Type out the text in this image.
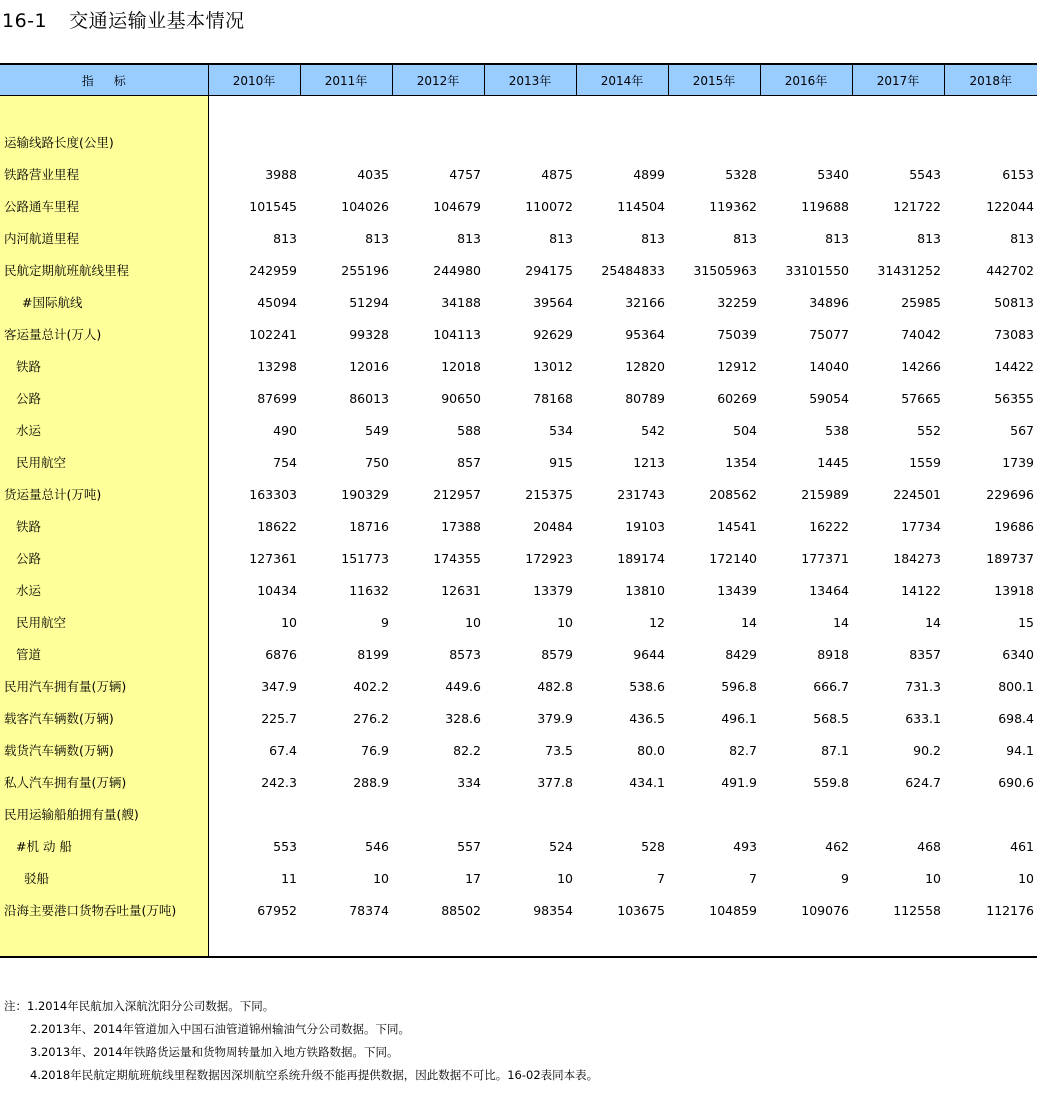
16-1 交通运输业基本情况
指标	2010年	2011年	2012年	2013年	2014年	2015年	2016年	2017年	2018年

运输线路长度(公里)									
铁路营业里程	3988	4035	4757	4875	4899	5328	5340	5543	6153
公路通车里程	101545	104026	104679	110072	114504	119362	119688	121722	122044
内河航道里程	813	813	813	813	813	813	813	813	813
民航定期航班航线里程	242959	255196	244980	294175	25484833	31505963	33101550	31431252	442702
#国际航线	45094	51294	34188	39564	32166	32259	34896	25985	50813
客运量总计(万人)	102241	99328	104113	92629	95364	75039	75077	74042	73083
铁路	13298	12016	12018	13012	12820	12912	14040	14266	14422
公路	87699	86013	90650	78168	80789	60269	59054	57665	56355
水运	490	549	588	534	542	504	538	552	567
民用航空	754	750	857	915	1213	1354	1445	1559	1739
货运量总计(万吨)	163303	190329	212957	215375	231743	208562	215989	224501	229696
铁路	18622	18716	17388	20484	19103	14541	16222	17734	19686
公路	127361	151773	174355	172923	189174	172140	177371	184273	189737
水运	10434	11632	12631	13379	13810	13439	13464	14122	13918
民用航空	10	9	10	10	12	14	14	14	15
管道	6876	8199	8573	8579	9644	8429	8918	8357	6340
民用汽车拥有量(万辆)	347.9	402.2	449.6	482.8	538.6	596.8	666.7	731.3	800.1
载客汽车辆数(万辆)	225.7	276.2	328.6	379.9	436.5	496.1	568.5	633.1	698.4
载货汽车辆数(万辆)	67.4	76.9	82.2	73.5	80.0	82.7	87.1	90.2	94.1
私人汽车拥有量(万辆)	242.3	288.9	334	377.8	434.1	491.9	559.8	624.7	690.6
民用运输船舶拥有量(艘)									
#机 动 船	553	546	557	524	528	493	462	468	461
驳船	11	10	17	10	7	7	9	10	10
沿海主要港口货物吞吐量(万吨)	67952	78374	88502	98354	103675	104859	109076	112558	112176

注：1.2014年民航加入深航沈阳分公司数据。下同。
2.2013年、2014年管道加入中国石油管道锦州输油气分公司数据。下同。
3.2013年、2014年铁路货运量和货物周转量加入地方铁路数据。下同。
4.2018年民航定期航班航线里程数据因深圳航空系统升级不能再提供数据，因此数据不可比。16-02表同本表。
